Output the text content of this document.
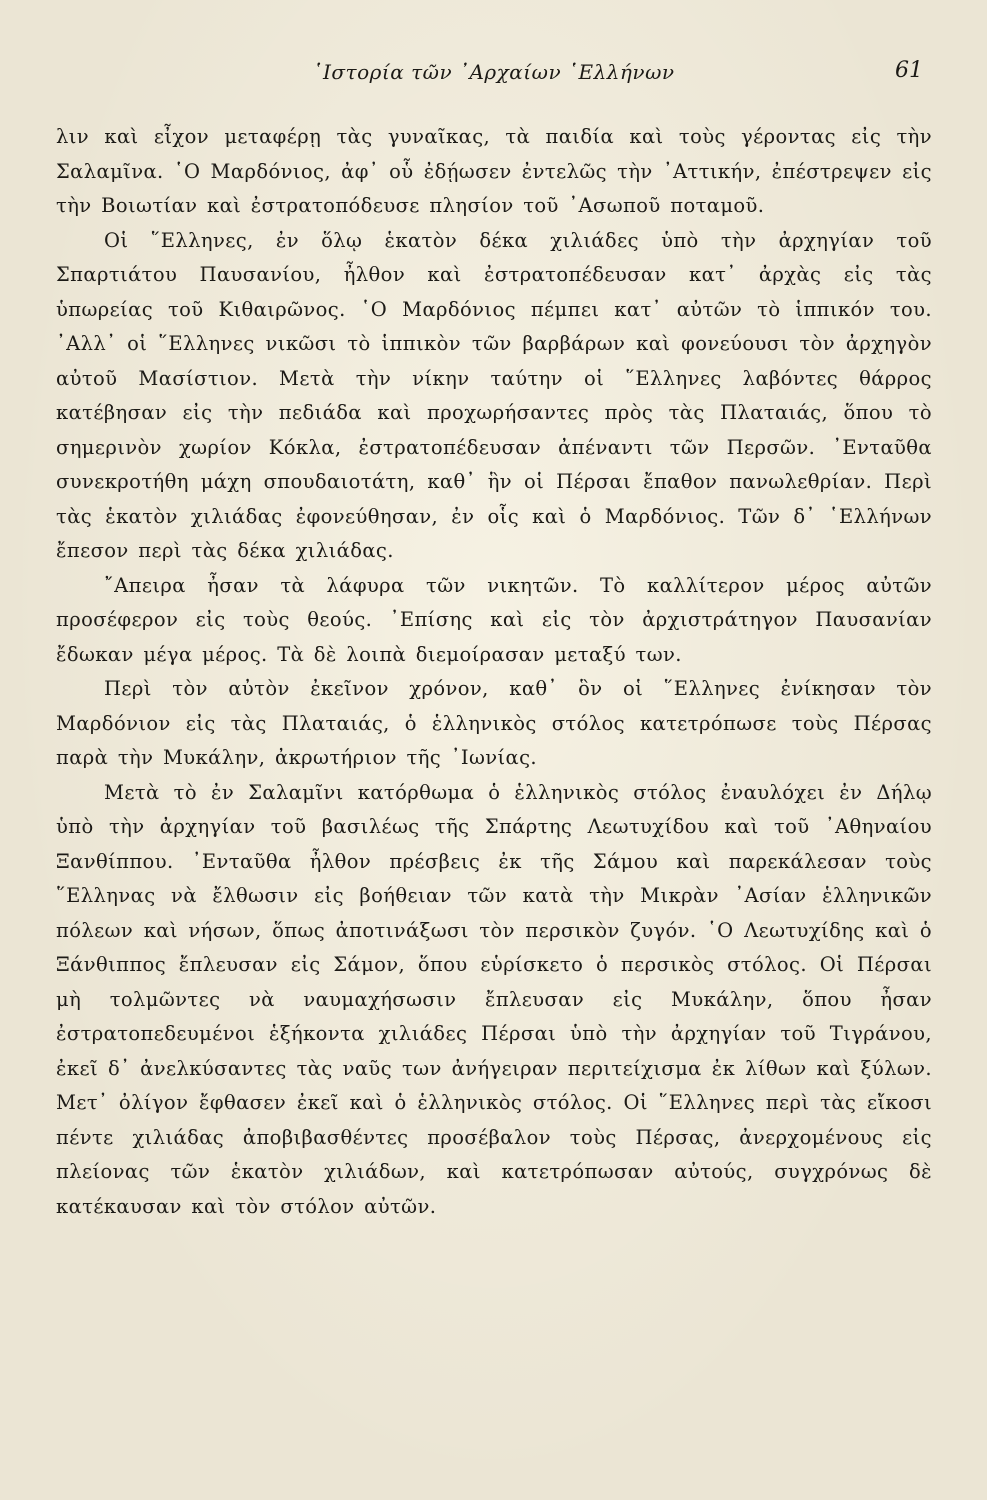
῾Ιστορία τῶν ᾿Αρχαίων ῾Ελλήνων	61

λιν καὶ εἶχον μεταφέρῃ τὰς γυναῖκας, τὰ παιδία καὶ τοὺς γέροντας εἰς τὴν Σαλαμῖνα. ῾Ο Μαρδόνιος, ἀφ᾿ οὗ ἐδῄωσεν ἐντελῶς τὴν ᾿Αττικήν, ἐπέστρεψεν εἰς τὴν Βοιωτίαν καὶ ἐστρατοπόδευσε πλησίον τοῦ ᾿Ασωποῦ ποταμοῦ.

Οἱ ῞Ελληνες, ἐν ὅλῳ ἑκατὸν δέκα χιλιάδες ὑπὸ τὴν ἀρχηγίαν τοῦ Σπαρτιάτου Παυσανίου, ἦλθον καὶ ἐστρατοπέδευσαν κατ᾿ ἀρχὰς εἰς τὰς ὑπωρείας τοῦ Κιθαιρῶνος. ῾Ο Μαρδόνιος πέμπει κατ᾿ αὐτῶν τὸ ἱππικόν του. ᾿Αλλ᾿ οἱ ῞Ελληνες νικῶσι τὸ ἱππικὸν τῶν βαρβάρων καὶ φονεύουσι τὸν ἀρχηγὸν αὐτοῦ Μασίστιον. Μετὰ τὴν νίκην ταύτην οἱ ῞Ελληνες λαβόντες θάρρος κατέβησαν εἰς τὴν πεδιάδα καὶ προχωρήσαντες πρὸς τὰς Πλαταιάς, ὅπου τὸ σημερινὸν χωρίον Κόκλα, ἐστρατοπέδευσαν ἀπέναντι τῶν Περσῶν. ᾿Ενταῦθα συνεκροτήθη μάχη σπουδαιοτάτη, καθ᾿ ἣν οἱ Πέρσαι ἔπαθον πανωλεθρίαν. Περὶ τὰς ἑκατὸν χιλιάδας ἐφονεύθησαν, ἐν οἷς καὶ ὁ Μαρδόνιος. Τῶν δ᾿ ῾Ελλήνων ἔπεσον περὶ τὰς δέκα χιλιάδας.

῎Απειρα ἦσαν τὰ λάφυρα τῶν νικητῶν. Τὸ καλλίτερον μέρος αὐτῶν προσέφερον εἰς τοὺς θεούς. ᾿Επίσης καὶ εἰς τὸν ἀρχιστράτηγον Παυσανίαν ἔδωκαν μέγα μέρος. Τὰ δὲ λοιπὰ διεμοίρασαν μεταξύ των.

Περὶ τὸν αὐτὸν ἐκεῖνον χρόνον, καθ᾿ ὃν οἱ ῞Ελληνες ἐνίκησαν τὸν Μαρδόνιον εἰς τὰς Πλαταιάς, ὁ ἑλληνικὸς στόλος κατετρόπωσε τοὺς Πέρσας παρὰ τὴν Μυκάλην, ἀκρωτήριον τῆς ᾿Ιωνίας.

Μετὰ τὸ ἐν Σαλαμῖνι κατόρθωμα ὁ ἑλληνικὸς στόλος ἐναυλόχει ἐν Δήλῳ ὑπὸ τὴν ἀρχηγίαν τοῦ βασιλέως τῆς Σπάρτης Λεωτυχίδου καὶ τοῦ ᾿Αθηναίου Ξανθίππου. ᾿Ενταῦθα ἦλθον πρέσβεις ἐκ τῆς Σάμου καὶ παρεκάλεσαν τοὺς ῞Ελληνας νὰ ἔλθωσιν εἰς βοήθειαν τῶν κατὰ τὴν Μικρὰν ᾿Ασίαν ἑλληνικῶν πόλεων καὶ νήσων, ὅπως ἀποτινάξωσι τὸν περσικὸν ζυγόν. ῾Ο Λεωτυχίδης καὶ ὁ Ξάνθιππος ἔπλευσαν εἰς Σάμον, ὅπου εὑρίσκετο ὁ περσικὸς στόλος. Οἱ Πέρσαι μὴ τολμῶντες νὰ ναυμαχήσωσιν ἔπλευσαν εἰς Μυκάλην, ὅπου ἦσαν ἐστρατοπεδευμένοι ἑξήκοντα χιλιάδες Πέρσαι ὑπὸ τὴν ἀρχηγίαν τοῦ Τιγράνου, ἐκεῖ δ᾿ ἀνελκύσαντες τὰς ναῦς των ἀνήγειραν περιτείχισμα ἐκ λίθων καὶ ξύλων. Μετ᾿ ὀλίγον ἔφθασεν ἐκεῖ καὶ ὁ ἑλληνικὸς στόλος. Οἱ ῞Ελληνες περὶ τὰς εἴκοσι πέντε χιλιάδας ἀποβιβασθέντες προσέβαλον τοὺς Πέρσας, ἀνερχομένους εἰς πλείονας τῶν ἑκατὸν χιλιάδων, καὶ κατετρόπωσαν αὐτούς, συγχρόνως δὲ κατέκαυσαν καὶ τὸν στόλον αὐτῶν.
